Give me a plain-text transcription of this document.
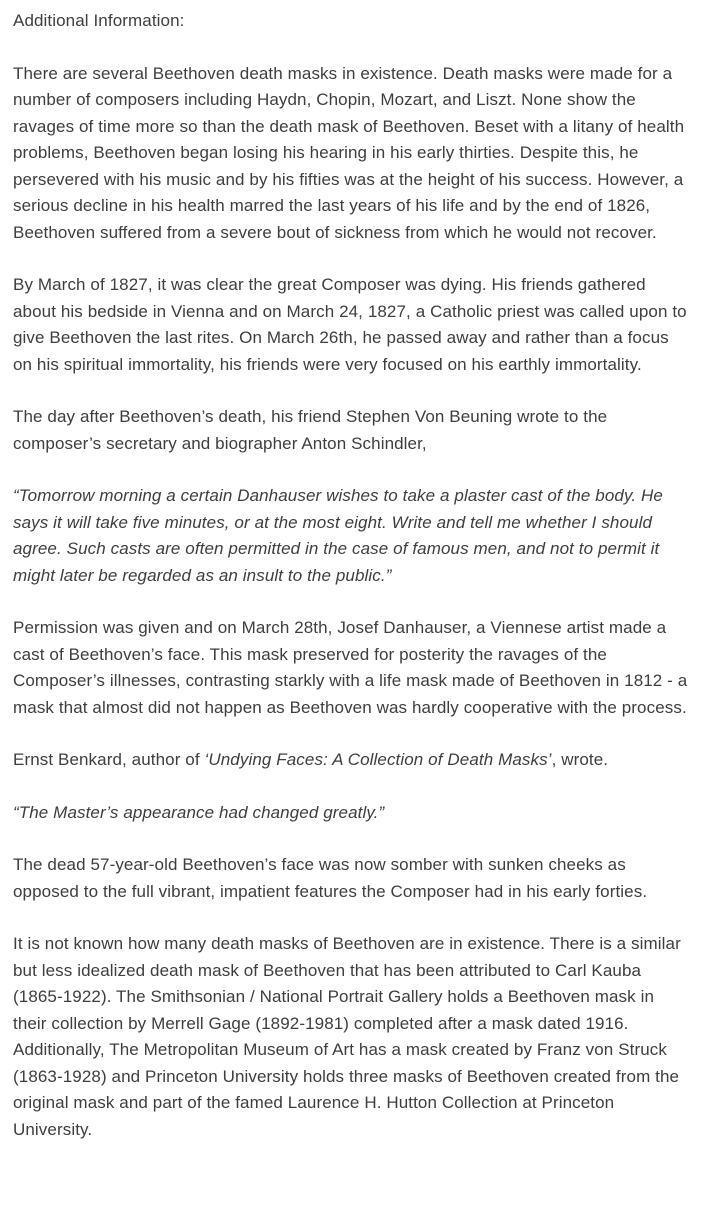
Additional Information:

There are several Beethoven death masks in existence. Death masks were made for a number of composers including Haydn, Chopin, Mozart, and Liszt. None show the ravages of time more so than the death mask of Beethoven. Beset with a litany of health problems, Beethoven began losing his hearing in his early thirties. Despite this, he persevered with his music and by his fifties was at the height of his success. However, a serious decline in his health marred the last years of his life and by the end of 1826, Beethoven suffered from a severe bout of sickness from which he would not recover.

By March of 1827, it was clear the great Composer was dying. His friends gathered about his bedside in Vienna and on March 24, 1827, a Catholic priest was called upon to give Beethoven the last rites. On March 26th, he passed away and rather than a focus on his spiritual immortality, his friends were very focused on his earthly immortality.

The day after Beethoven’s death, his friend Stephen Von Beuning wrote to the composer’s secretary and biographer Anton Schindler,

“Tomorrow morning a certain Danhauser wishes to take a plaster cast of the body. He says it will take five minutes, or at the most eight. Write and tell me whether I should agree. Such casts are often permitted in the case of famous men, and not to permit it might later be regarded as an insult to the public.”

Permission was given and on March 28th, Josef Danhauser, a Viennese artist made a cast of Beethoven’s face. This mask preserved for posterity the ravages of the Composer’s illnesses, contrasting starkly with a life mask made of Beethoven in 1812 - a mask that almost did not happen as Beethoven was hardly cooperative with the process.

Ernst Benkard, author of ‘Undying Faces: A Collection of Death Masks’, wrote.

“The Master’s appearance had changed greatly.”

The dead 57-year-old Beethoven’s face was now somber with sunken cheeks as opposed to the full vibrant, impatient features the Composer had in his early forties.

It is not known how many death masks of Beethoven are in existence. There is a similar but less idealized death mask of Beethoven that has been attributed to Carl Kauba (1865-1922). The Smithsonian / National Portrait Gallery holds a Beethoven mask in their collection by Merrell Gage (1892-1981) completed after a mask dated 1916. Additionally, The Metropolitan Museum of Art has a mask created by Franz von Struck (1863-1928) and Princeton University holds three masks of Beethoven created from the original mask and part of the famed Laurence H. Hutton Collection at Princeton University.
